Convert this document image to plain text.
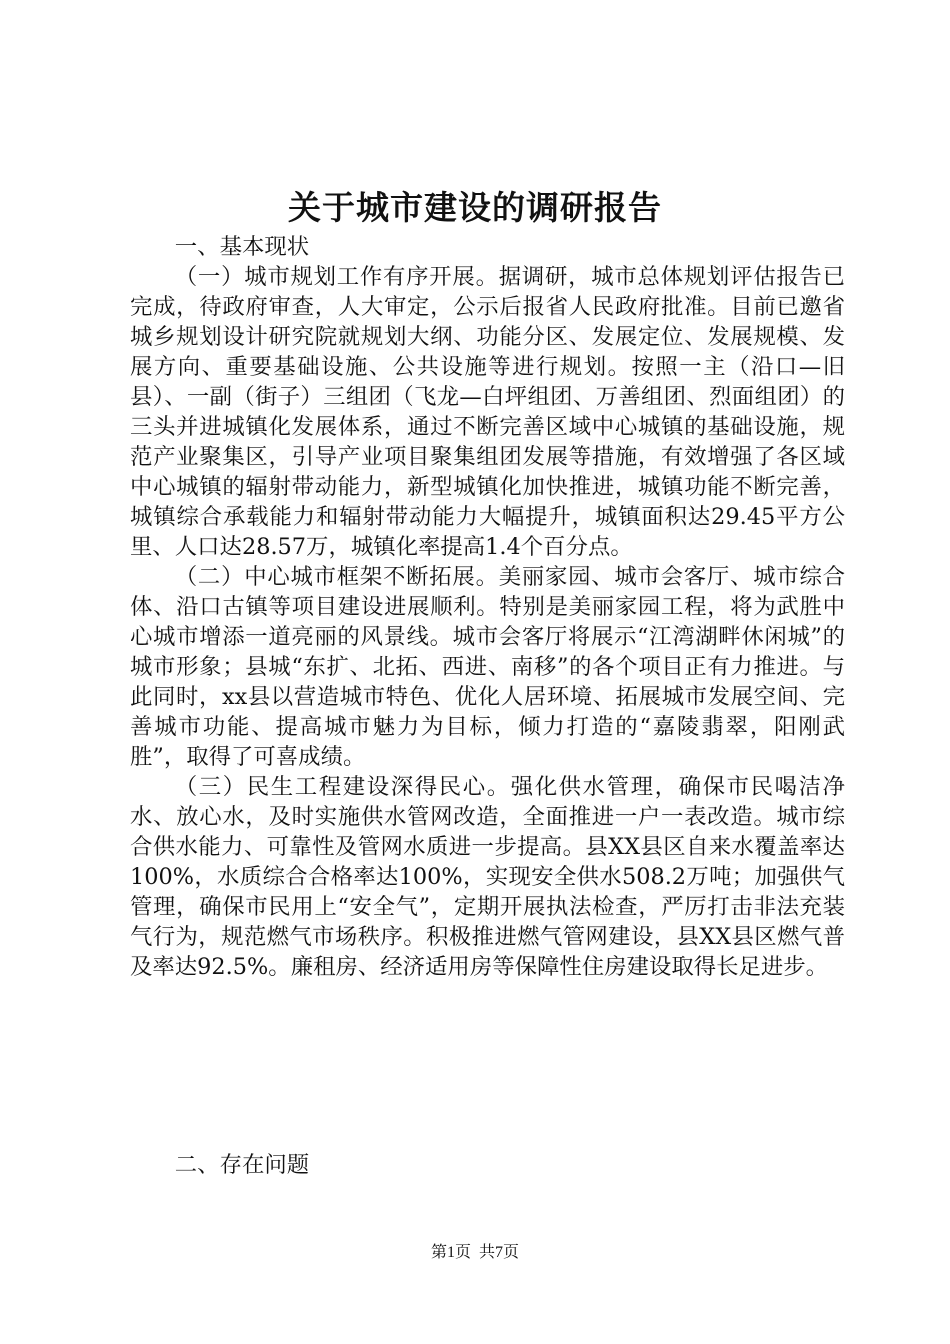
关于城市建设的调研报告

一、基本现状

（一）城市规划工作有序开展。据调研，城市总体规划评估报告已完成，待政府审查，人大审定，公示后报省人民政府批准。目前已邀省城乡规划设计研究院就规划大纲、功能分区、发展定位、发展规模、发展方向、重要基础设施、公共设施等进行规划。按照一主（沿口—旧县）、一副（街子）三组团（飞龙—白坪组团、万善组团、烈面组团）的三头并进城镇化发展体系，通过不断完善区域中心城镇的基础设施，规范产业聚集区，引导产业项目聚集组团发展等措施，有效增强了各区域中心城镇的辐射带动能力，新型城镇化加快推进，城镇功能不断完善，城镇综合承载能力和辐射带动能力大幅提升，城镇面积达29.45平方公里、人口达28.57万，城镇化率提高1.4个百分点。

（二）中心城市框架不断拓展。美丽家园、城市会客厅、城市综合体、沿口古镇等项目建设进展顺利。特别是美丽家园工程，将为武胜中心城市增添一道亮丽的风景线。城市会客厅将展示“江湾湖畔休闲城”的城市形象；县城“东扩、北拓、西进、南移”的各个项目正有力推进。与此同时，xx县以营造城市特色、优化人居环境、拓展城市发展空间、完善城市功能、提高城市魅力为目标，倾力打造的“嘉陵翡翠，阳刚武胜”，取得了可喜成绩。

（三）民生工程建设深得民心。强化供水管理，确保市民喝洁净水、放心水，及时实施供水管网改造，全面推进一户一表改造。城市综合供水能力、可靠性及管网水质进一步提高。县XX县区自来水覆盖率达100%，水质综合合格率达100%，实现安全供水508.2万吨；加强供气管理，确保市民用上“安全气”，定期开展执法检查，严厉打击非法充装气行为，规范燃气市场秩序。积极推进燃气管网建设，县XX县区燃气普及率达92.5%。廉租房、经济适用房等保障性住房建设取得长足进步。

二、存在问题

第1页 共7页
